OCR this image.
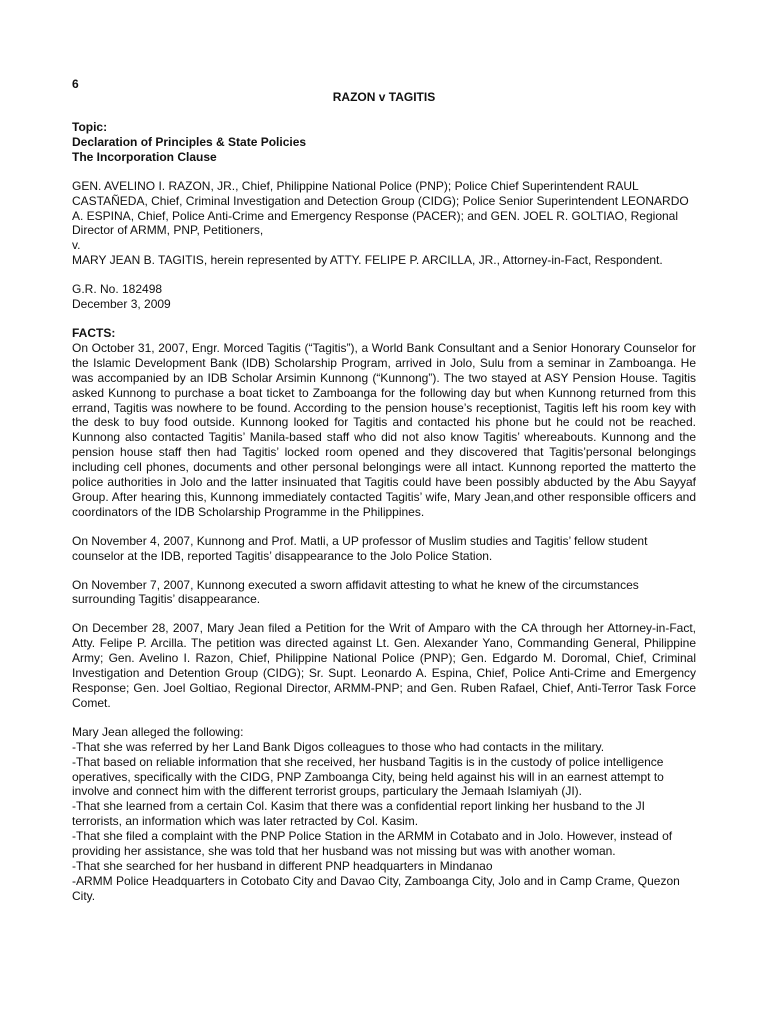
6
RAZON v TAGITIS
Topic:
Declaration of Principles & State Policies
The Incorporation Clause

GEN. AVELINO I. RAZON, JR., Chief, Philippine National Police (PNP); Police Chief Superintendent RAUL CASTAÑEDA, Chief, Criminal Investigation and Detection Group (CIDG); Police Senior Superintendent LEONARDO A. ESPINA, Chief, Police Anti-Crime and Emergency Response (PACER); and GEN. JOEL R. GOLTIAO, Regional Director of ARMM, PNP, Petitioners,

v.

MARY JEAN B. TAGITIS, herein represented by ATTY. FELIPE P. ARCILLA, JR., Attorney-in-Fact, Respondent.

G.R. No. 182498
December 3, 2009
FACTS:

On October 31, 2007, Engr. Morced Tagitis (“Tagitis”), a World Bank Consultant and a Senior Honorary Counselor for the Islamic Development Bank (IDB) Scholarship Program, arrived in Jolo, Sulu from a seminar in Zamboanga. He was accompanied by an IDB Scholar Arsimin Kunnong (“Kunnong”). The two stayed at ASY Pension House. Tagitis asked Kunnong to purchase a boat ticket to Zamboanga for the following day but when Kunnong returned from this errand, Tagitis was nowhere to be found. According to the pension house’s receptionist, Tagitis left his room key with the desk to buy food outside. Kunnong looked for Tagitis and contacted his phone but he could not be reached. Kunnong also contacted Tagitis’ Manila-based staff who did not also know Tagitis’ whereabouts. Kunnong and the pension house staff then had Tagitis’ locked room opened and they discovered that Tagitis’personal belongings including cell phones, documents and other personal belongings were all intact. Kunnong reported the matterto the police authorities in Jolo and the latter insinuated that Tagitis could have been possibly abducted by the Abu Sayyaf Group. After hearing this, Kunnong immediately contacted Tagitis’ wife, Mary Jean,and other responsible officers and coordinators of the IDB Scholarship Programme in the Philippines.

On November 4, 2007, Kunnong and Prof. Matli, a UP professor of Muslim studies and Tagitis’ fellow student counselor at the IDB, reported Tagitis’ disappearance to the Jolo Police Station.

On November 7, 2007, Kunnong executed a sworn affidavit attesting to what he knew of the circumstances surrounding Tagitis’ disappearance.

On December 28, 2007, Mary Jean filed a Petition for the Writ of Amparo with the CA through her Attorney-in-Fact, Atty. Felipe P. Arcilla. The petition was directed against Lt. Gen. Alexander Yano, Commanding General, Philippine Army; Gen. Avelino I. Razon, Chief, Philippine National Police (PNP); Gen. Edgardo M. Doromal, Chief, Criminal Investigation and Detention Group (CIDG); Sr. Supt. Leonardo A. Espina, Chief, Police Anti-Crime and Emergency Response; Gen. Joel Goltiao, Regional Director, ARMM-PNP; and Gen. Ruben Rafael, Chief, Anti-Terror Task Force Comet.

Mary Jean alleged the following:

-That she was referred by her Land Bank Digos colleagues to those who had contacts in the military.

-That based on reliable information that she received, her husband Tagitis is in the custody of police intelligence operatives, specifically with the CIDG, PNP Zamboanga City, being held against his will in an earnest attempt to involve and connect him with the different terrorist groups, particulary the Jemaah Islamiyah (JI).

-That she learned from a certain Col. Kasim that there was a confidential report linking her husband to the JI terrorists, an information which was later retracted by Col. Kasim.

-That she filed a complaint with the PNP Police Station in the ARMM in Cotabato and in Jolo. However, instead of providing her assistance, she was told that her husband was not missing but was with another woman.

-That she searched for her husband in different PNP headquarters in Mindanao

-ARMM Police Headquarters in Cotobato City and Davao City, Zamboanga City, Jolo and in Camp Crame, Quezon City.
